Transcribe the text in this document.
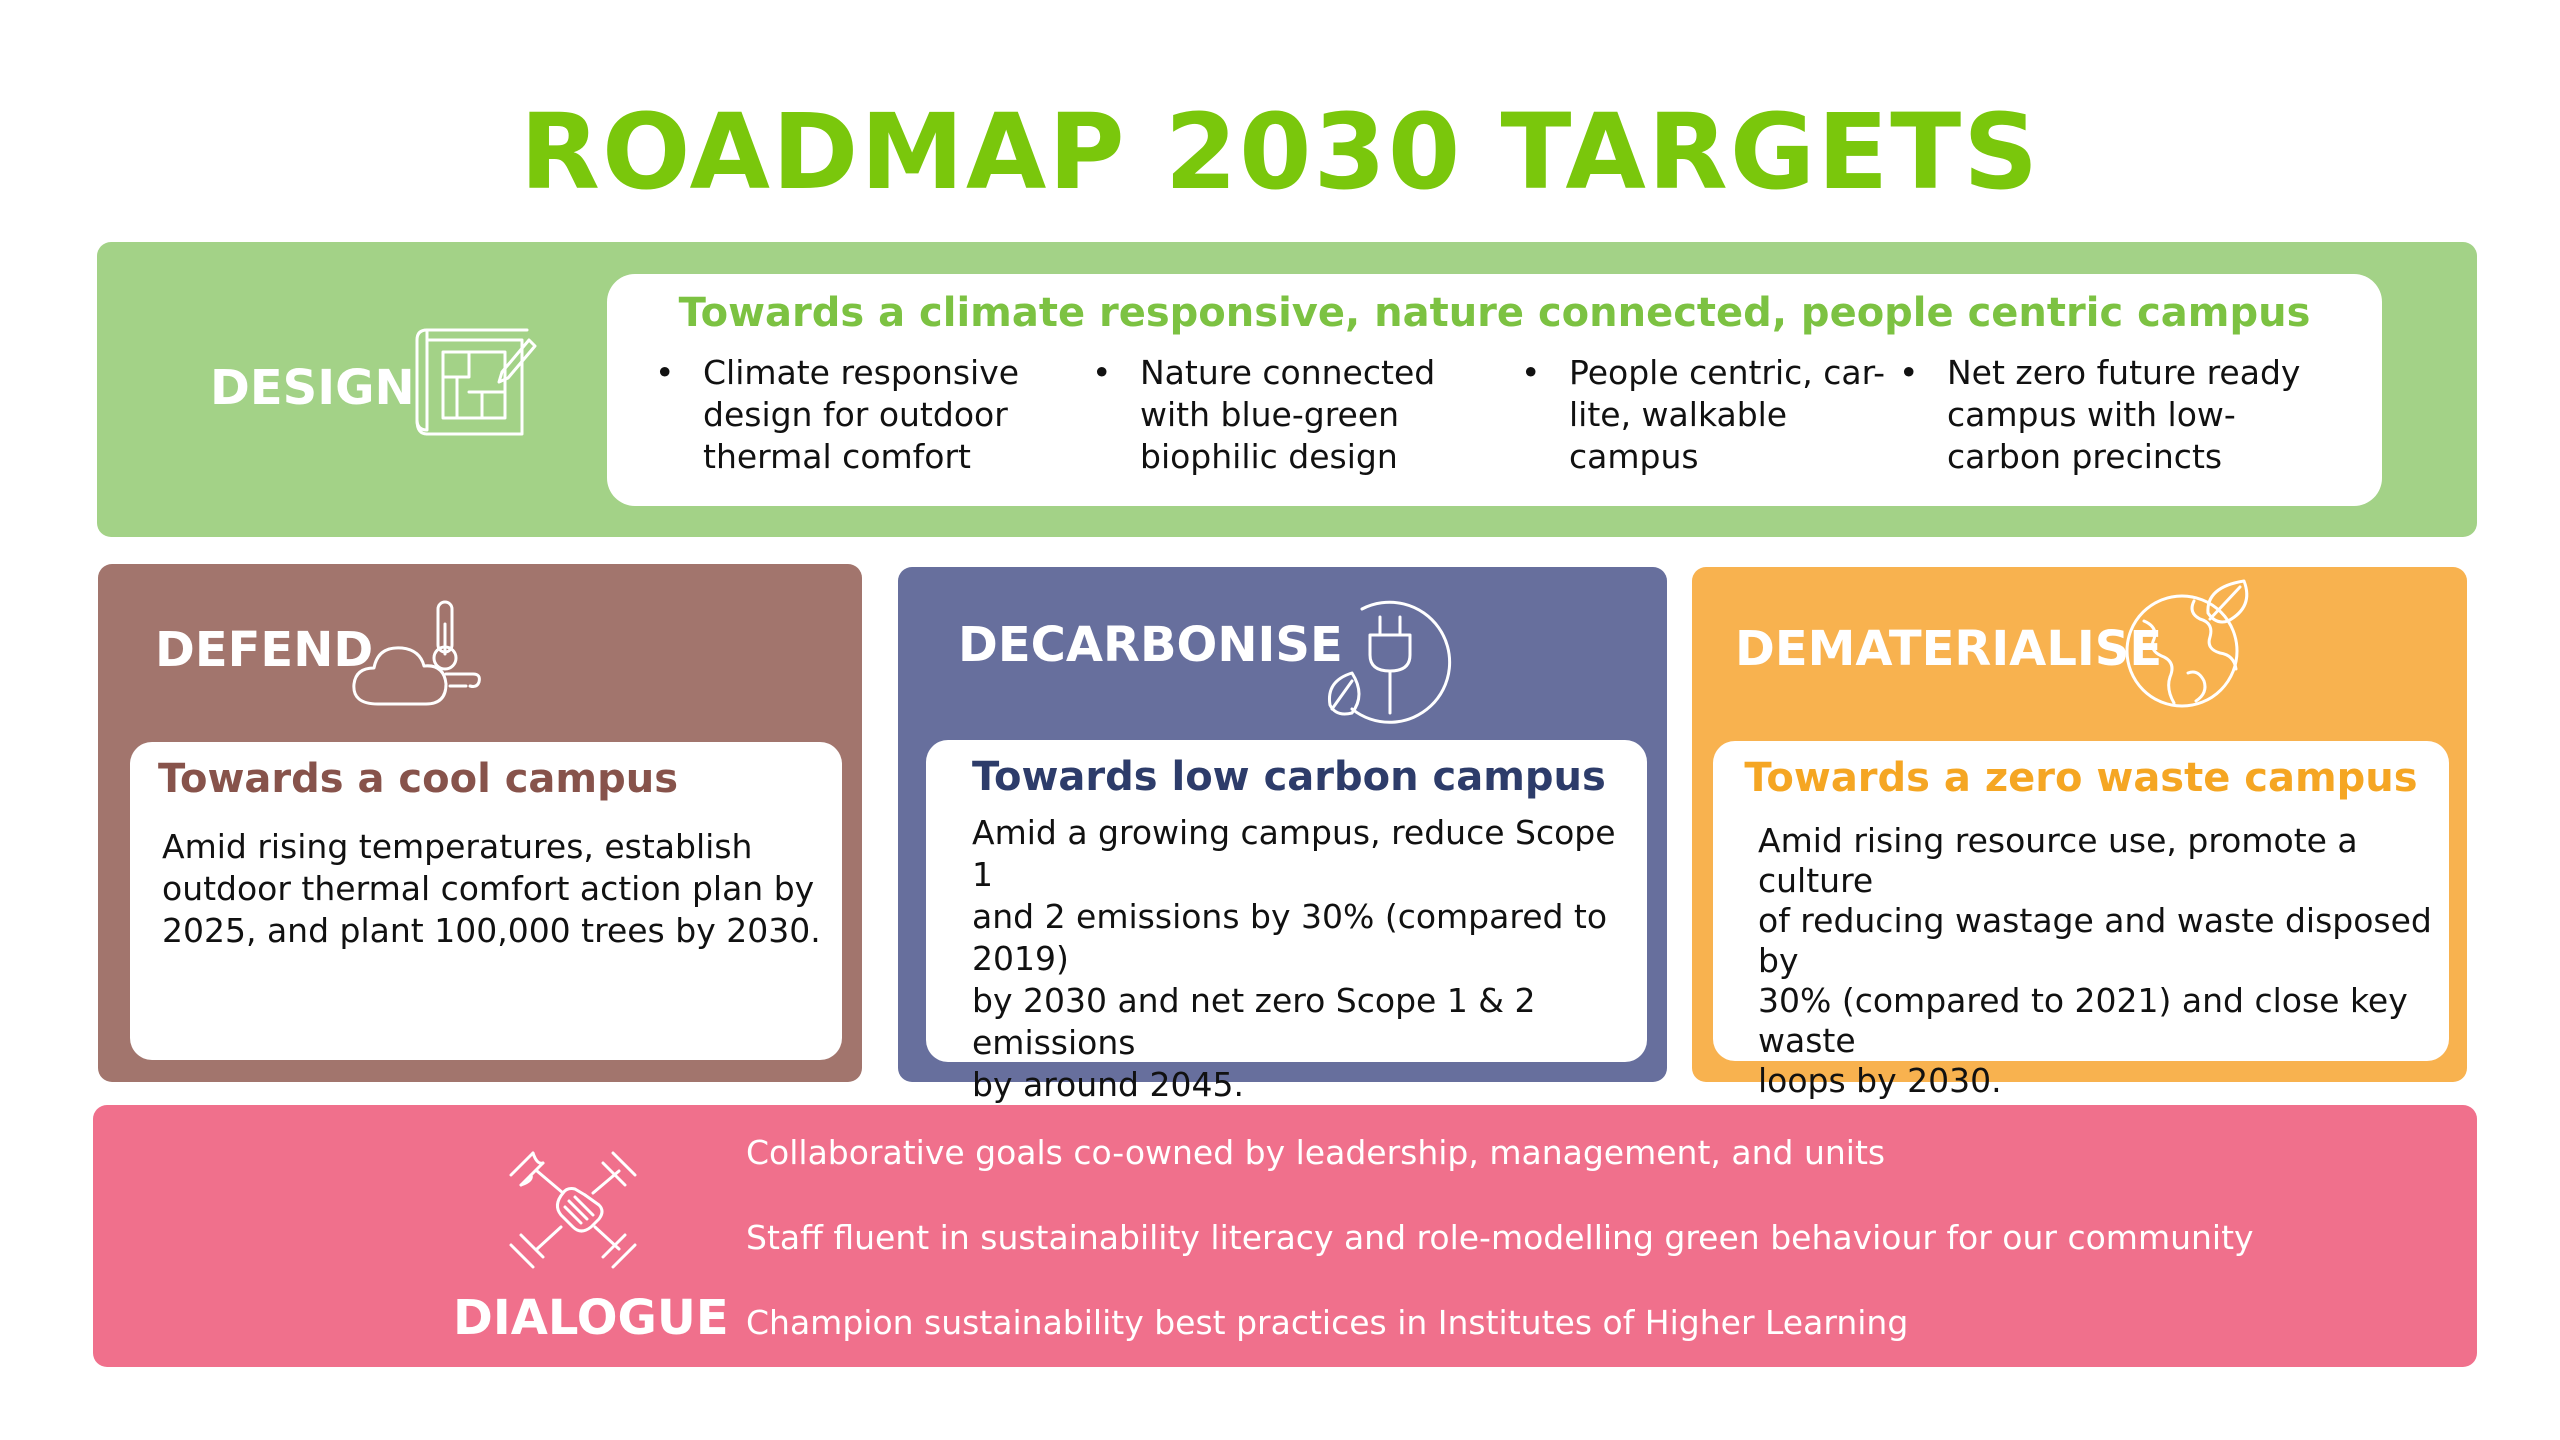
ROADMAP 2030 TARGETS
DESIGN
Towards a climate responsive, nature connected, people centric campus
• Climate responsive
design for outdoor
thermal comfort
• Nature connected
with blue-green
biophilic design
• People centric, car-
lite, walkable
campus
• Net zero future ready
campus with low-
carbon precincts
DEFEND
Towards a cool campus
Amid rising temperatures, establish
outdoor thermal comfort action plan by
2025, and plant 100,000 trees by 2030.
DECARBONISE
Towards low carbon campus
Amid a growing campus, reduce Scope 1
and 2 emissions by 30% (compared to 2019)
by 2030 and net zero Scope 1 & 2 emissions
by around 2045.
DEMATERIALISE
Towards a zero waste campus
Amid rising resource use, promote a culture
of reducing wastage and waste disposed by
30% (compared to 2021) and close key waste
loops by 2030.
DIALOGUE
Collaborative goals co-owned by leadership, management, and units
Staff fluent in sustainability literacy and role-modelling green behaviour for our community
Champion sustainability best practices in Institutes of Higher Learning
